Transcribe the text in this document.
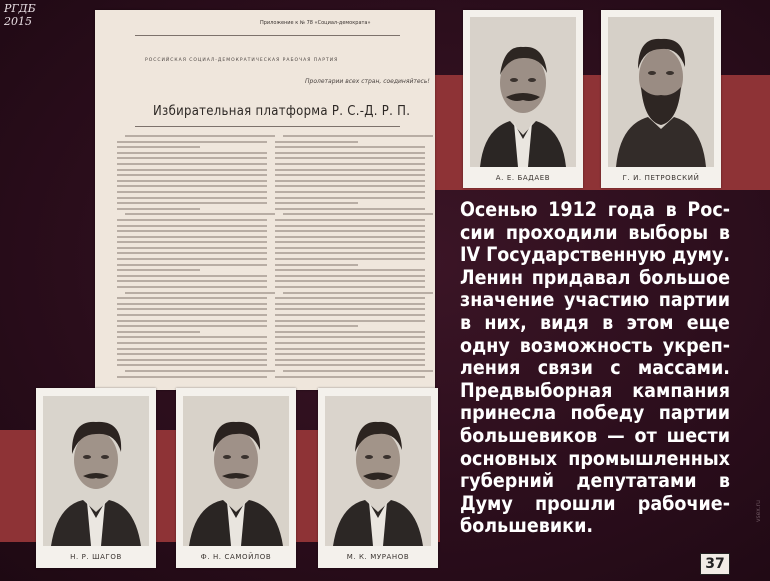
РГДБ
2015	Приложение к № 78 «Социал-демократа»
РОССИЙСКАЯ СОЦИАЛ-ДЕМОКРАТИЧЕСКАЯ РАБОЧАЯ ПАРТИЯ
Пролетарии всех стран, соединяйтесь!
Избирательная платформа Р. С.-Д. Р. П.
А. Е. БАДАЕВ	Г. И. ПЕТРОВСКИЙ
Н. Р. ШАГОВ	Ф. Н. САМОЙЛОВ	М. К. МУРАНОВ
Осенью 1912 года в Рос-
сии проходили выборы в
IV Государственную думу.
Ленин придавал большое
значение участию партии
в них, видя в этом еще
одну возможность укреп-
ления связи с массами.
Предвыборная кампания
принесла победу партии
большевиков — от шести
основных промышленных
губерний депутатами в
Думу прошли рабочие-
большевики.
37
vsex.ru
